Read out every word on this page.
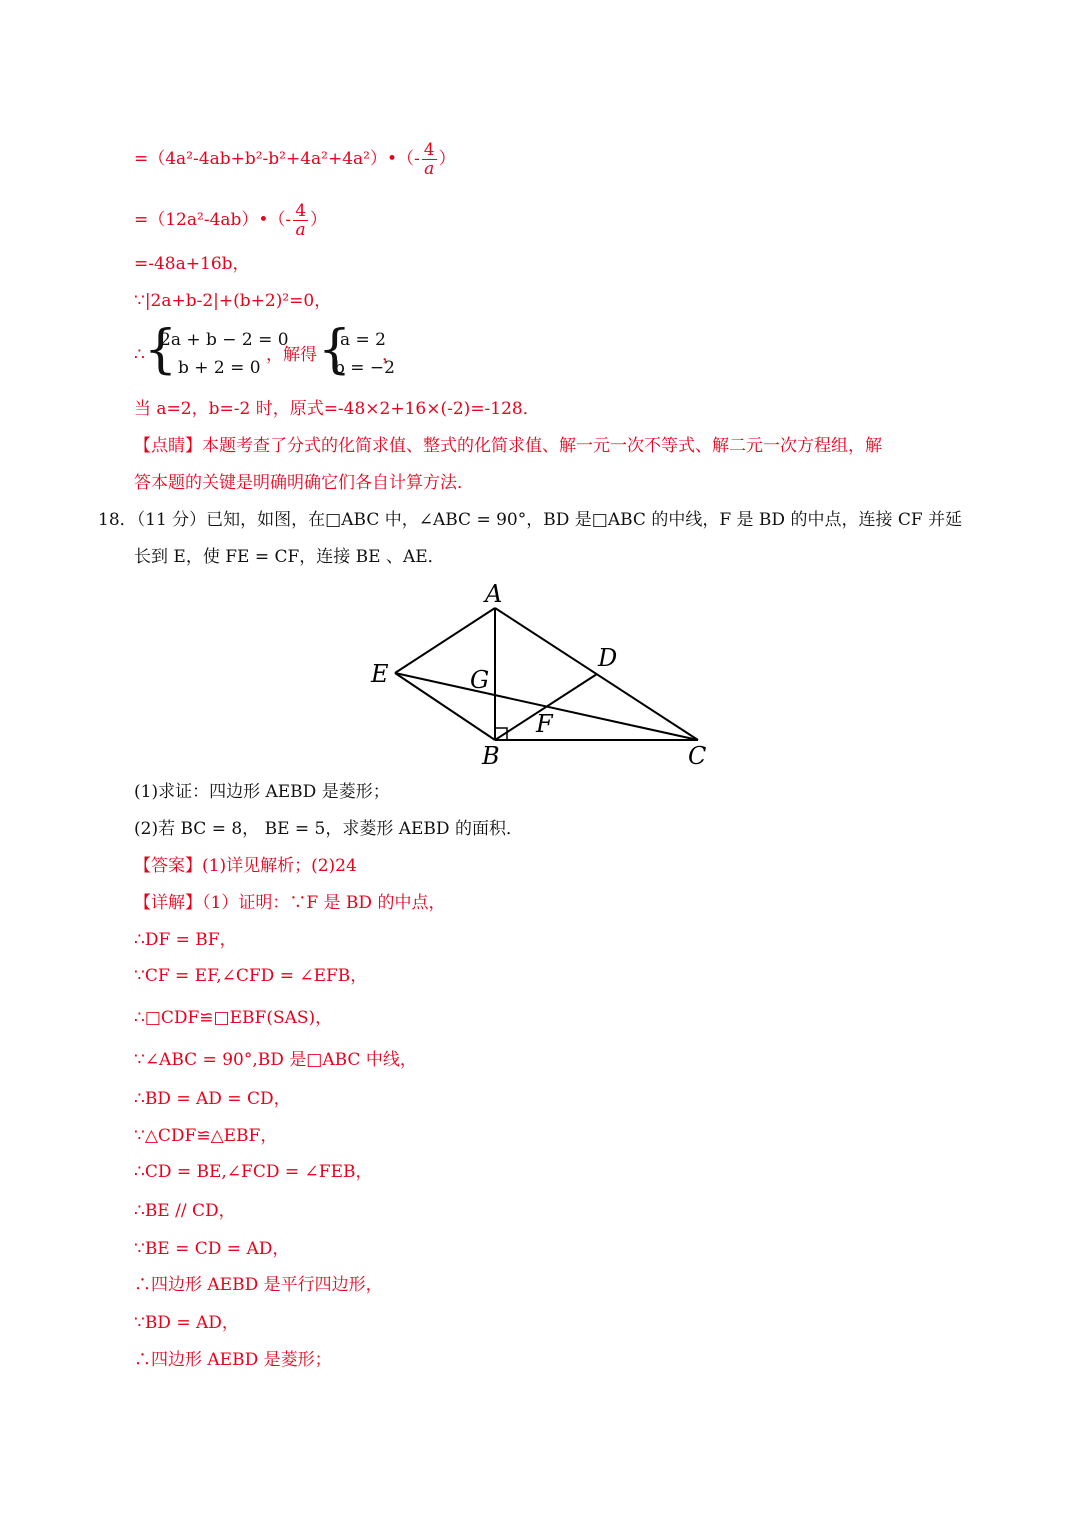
=（4a²-4ab+b²-b²+4a²+4a²）•（- $\frac{4}{a}$ ）
=（12a²-4ab）•（- $\frac{4}{a}$ ）
=-48a+16b，
∵|2a+b-2|+(b+2)²=0，
∴ {
2a + b − 2 = 0
b + 2 = 0
，解得 {
a = 2
b = −2
，
当 a=2，b=-2 时，原式=-48×2+16×(-2)=-128．
【点睛】本题考查了分式的化简求值、整式的化简求值、解一元一次不等式、解二元一次方程组，解
答本题的关键是明确明确它们各自计算方法．
18．（11 分）已知，如图，在□ABC 中，∠ABC = 90°，BD 是□ABC 的中线，F 是 BD 的中点，连接 CF 并延
长到 E，使 FE = CF，连接 BE 、AE．
A
E	G
D
F
B	C
(1)求证：四边形 AEBD 是菱形；
(2)若 BC = 8， BE = 5，求菱形 AEBD 的面积．
【答案】(1)详见解析；(2)24
【详解】（1）证明：∵F 是 BD 的中点，
∴DF = BF，
∵CF = EF,∠CFD = ∠EFB，
∴□CDF≌□EBF(SAS)，
∵∠ABC = 90°,BD 是□ABC 中线，
∴BD = AD = CD，
∵△CDF≌△EBF，
∴CD = BE,∠FCD = ∠FEB，
∴BE // CD，
∵BE = CD = AD，
∴四边形 AEBD 是平行四边形，
∵BD = AD，
∴四边形 AEBD 是菱形；
